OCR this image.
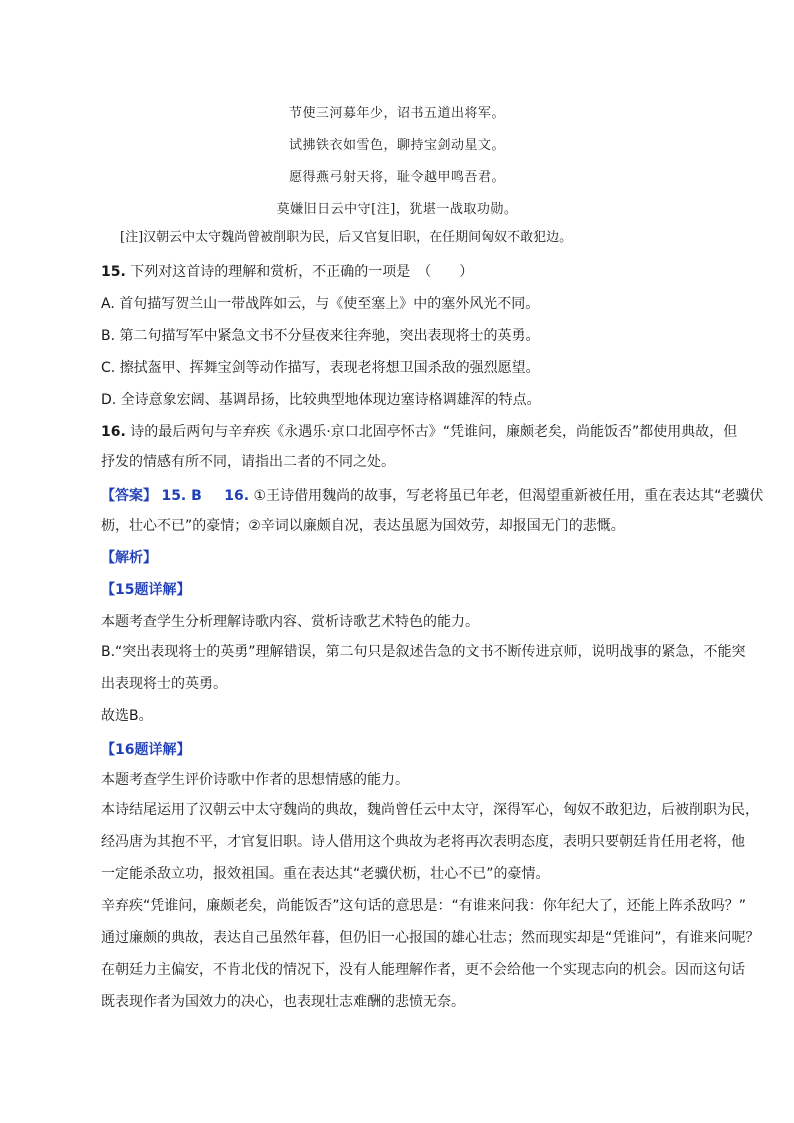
节使三河募年少，诏书五道出将军。
试拂铁衣如雪色，聊持宝剑动星文。
愿得燕弓射天将，耻令越甲鸣吾君。
莫嫌旧日云中守[注]，犹堪一战取功勋。
[注]汉朝云中太守魏尚曾被削职为民，后又官复旧职，在任期间匈奴不敢犯边。
15. 下列对这首诗的理解和赏析，不正确的一项是　（　　）
A. 首句描写贺兰山一带战阵如云，与《使至塞上》中的塞外风光不同。
B. 第二句描写军中紧急文书不分昼夜来往奔驰，突出表现将士的英勇。
C. 擦拭盔甲、挥舞宝剑等动作描写，表现老将想卫国杀敌的强烈愿望。
D. 全诗意象宏阔、基调昂扬，比较典型地体现边塞诗格调雄浑的特点。
16. 诗的最后两句与辛弃疾《永遇乐·京口北固亭怀古》“凭谁问，廉颇老矣，尚能饭否”都使用典故，但
抒发的情感有所不同，请指出二者的不同之处。
【答案】 15. B 16. ①王诗借用魏尚的故事，写老将虽已年老，但渴望重新被任用，重在表达其“老骥伏
枥，壮心不已”的豪情；②辛词以廉颇自况，表达虽愿为国效劳，却报国无门的悲慨。
【解析】
【15题详解】
本题考查学生分析理解诗歌内容、赏析诗歌艺术特色的能力。
B.“突出表现将士的英勇”理解错误，第二句只是叙述告急的文书不断传进京师，说明战事的紧急，不能突
出表现将士的英勇。
故选B。
【16题详解】
本题考查学生评价诗歌中作者的思想情感的能力。
本诗结尾运用了汉朝云中太守魏尚的典故，魏尚曾任云中太守，深得军心，匈奴不敢犯边，后被削职为民，
经冯唐为其抱不平，才官复旧职。诗人借用这个典故为老将再次表明态度，表明只要朝廷肯任用老将，他
一定能杀敌立功，报效祖国。重在表达其“老骥伏枥，壮心不已”的豪情。
辛弃疾“凭谁问，廉颇老矣，尚能饭否”这句话的意思是：“有谁来问我：你年纪大了，还能上阵杀敌吗？”
通过廉颇的典故，表达自己虽然年暮，但仍旧一心报国的雄心壮志；然而现实却是“凭谁问”，有谁来问呢？
在朝廷力主偏安，不肯北伐的情况下，没有人能理解作者，更不会给他一个实现志向的机会。因而这句话
既表现作者为国效力的决心，也表现壮志难酬的悲愤无奈。
